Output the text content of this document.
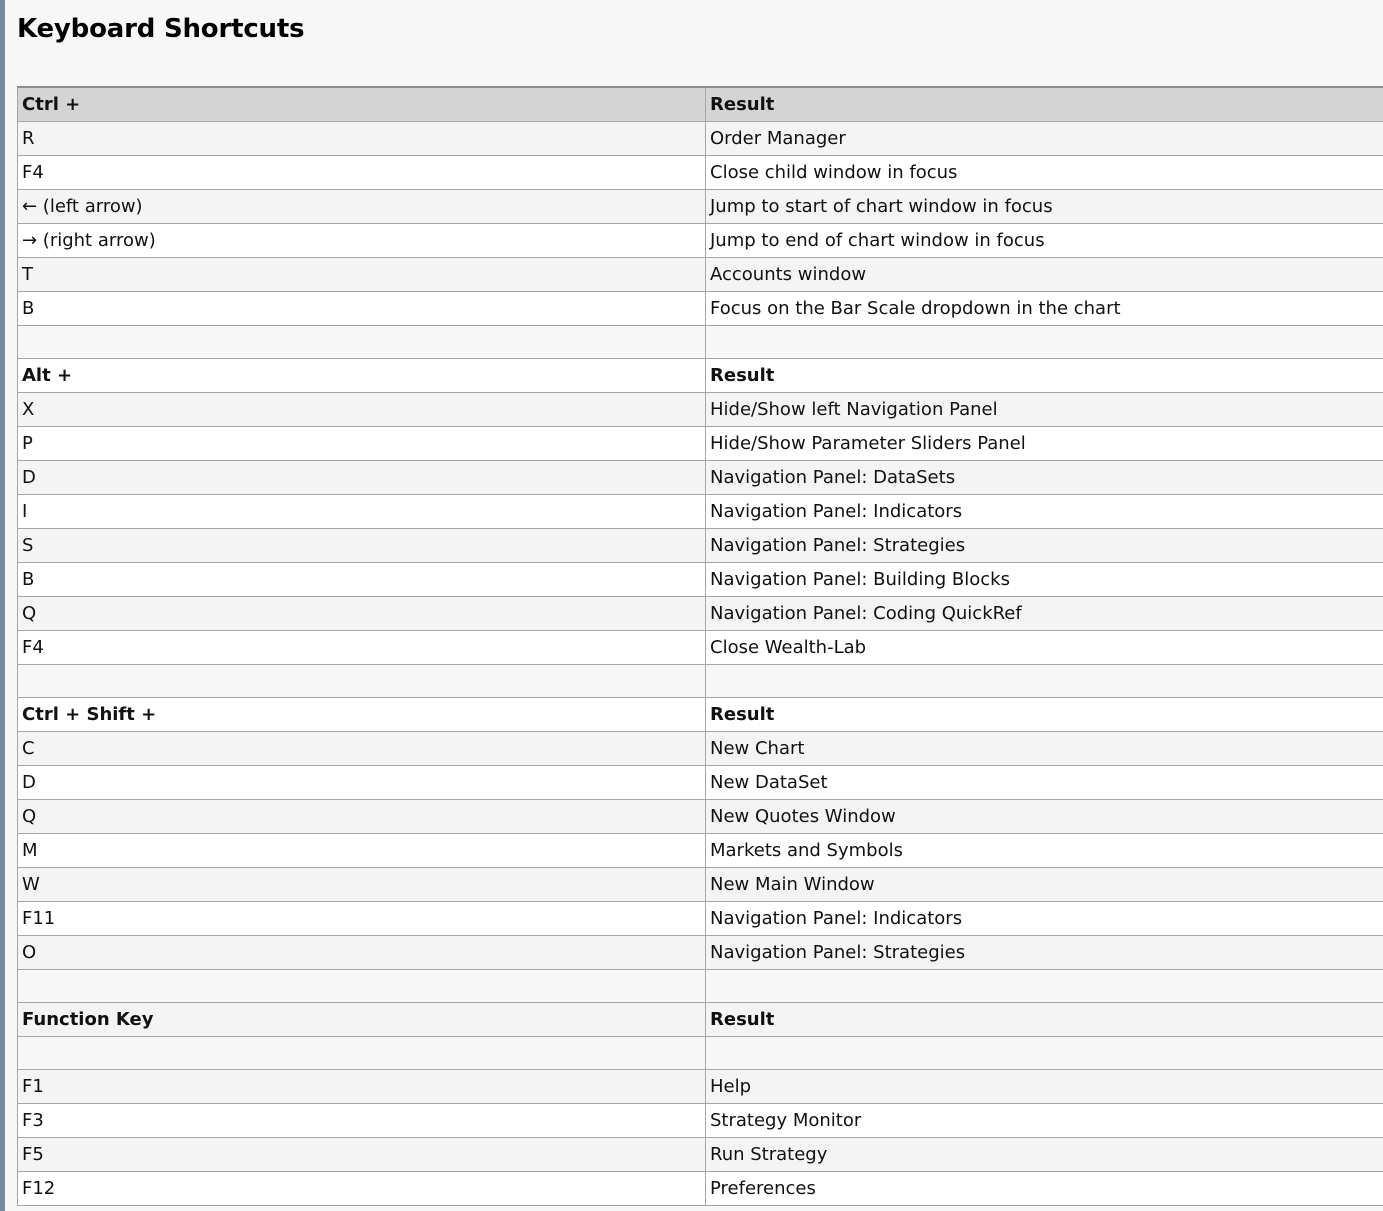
Keyboard Shortcuts
Ctrl +	Result
R	Order Manager
F4	Close child window in focus
← (left arrow)	Jump to start of chart window in focus
→ (right arrow)	Jump to end of chart window in focus
T	Accounts window
B	Focus on the Bar Scale dropdown in the chart

Alt +	Result
X	Hide/Show left Navigation Panel
P	Hide/Show Parameter Sliders Panel
D	Navigation Panel: DataSets
I	Navigation Panel: Indicators
S	Navigation Panel: Strategies
B	Navigation Panel: Building Blocks
Q	Navigation Panel: Coding QuickRef
F4	Close Wealth-Lab

Ctrl + Shift +	Result
C	New Chart
D	New DataSet
Q	New Quotes Window
M	Markets and Symbols
W	New Main Window
F11	Navigation Panel: Indicators
O	Navigation Panel: Strategies

Function Key	Result

F1	Help
F3	Strategy Monitor
F5	Run Strategy
F12	Preferences
